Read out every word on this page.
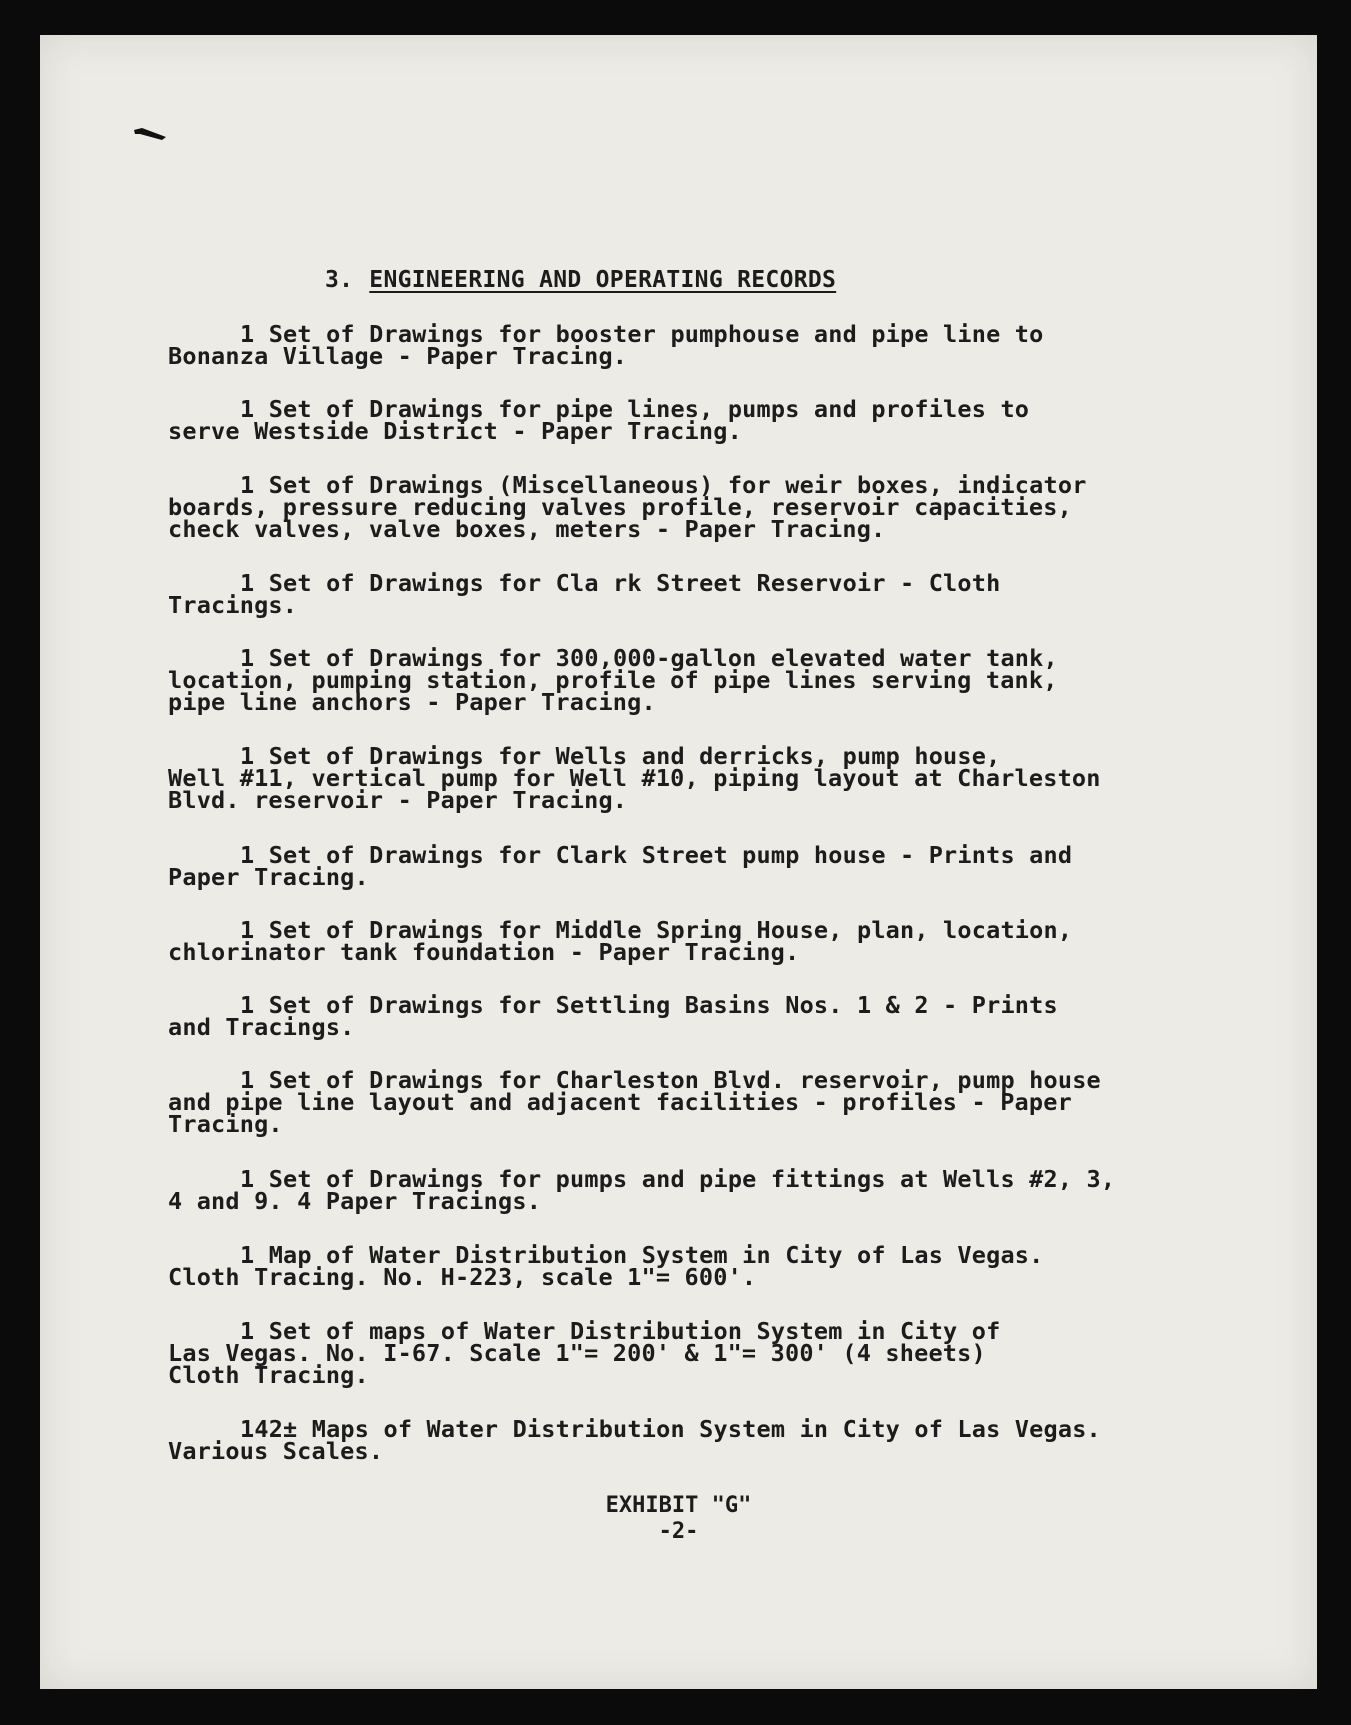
3. ENGINEERING AND OPERATING RECORDS
1 Set of Drawings for booster pumphouse and pipe line to
Bonanza Village - Paper Tracing.
1 Set of Drawings for pipe lines, pumps and profiles to
serve Westside District - Paper Tracing.
1 Set of Drawings (Miscellaneous) for weir boxes, indicator
boards, pressure reducing valves profile, reservoir capacities,
check valves, valve boxes, meters - Paper Tracing.
1 Set of Drawings for Cla rk Street Reservoir - Cloth
Tracings.
1 Set of Drawings for 300,000-gallon elevated water tank,
location, pumping station, profile of pipe lines serving tank,
pipe line anchors - Paper Tracing.
1 Set of Drawings for Wells and derricks, pump house,
Well #11, vertical pump for Well #10, piping layout at Charleston
Blvd. reservoir - Paper Tracing.
1 Set of Drawings for Clark Street pump house - Prints and
Paper Tracing.
1 Set of Drawings for Middle Spring House, plan, location,
chlorinator tank foundation - Paper Tracing.
1 Set of Drawings for Settling Basins Nos. 1 & 2 - Prints
and Tracings.
1 Set of Drawings for Charleston Blvd. reservoir, pump house
and pipe line layout and adjacent facilities - profiles - Paper
Tracing.
1 Set of Drawings for pumps and pipe fittings at Wells #2, 3,
4 and 9. 4 Paper Tracings.
1 Map of Water Distribution System in City of Las Vegas.
Cloth Tracing. No. H-223, scale 1"= 600'.
1 Set of maps of Water Distribution System in City of
Las Vegas. No. I-67. Scale 1"= 200' & 1"= 300' (4 sheets)
Cloth Tracing.
142± Maps of Water Distribution System in City of Las Vegas.
Various Scales.
EXHIBIT "G"
-2-
